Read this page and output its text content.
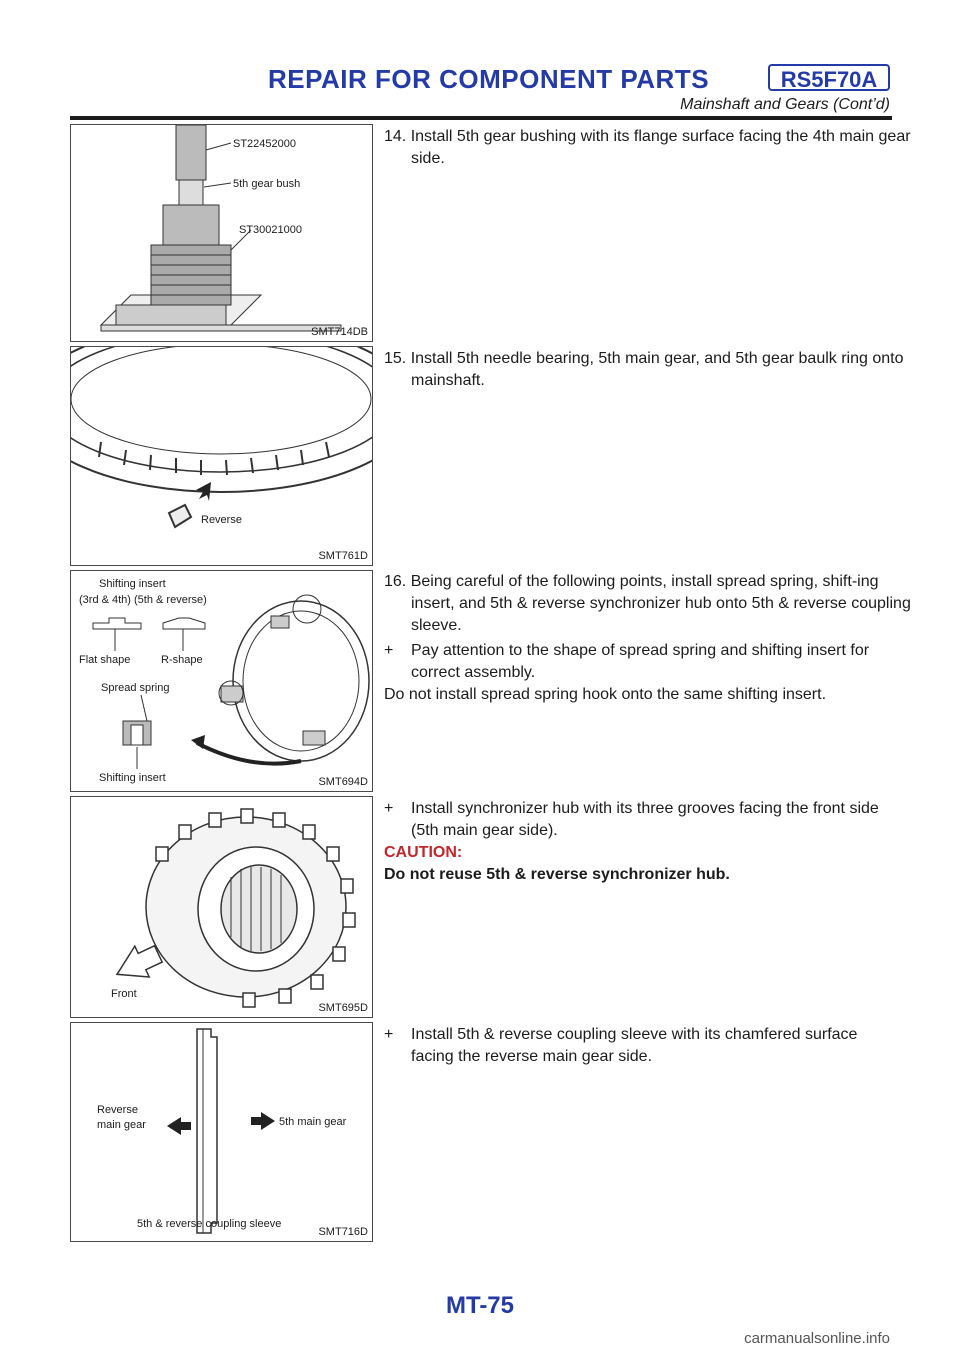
REPAIR FOR COMPONENT PARTS	RS5F70A
Mainshaft and Gears (Cont’d)
ST22452000
5th gear bush
ST30021000
SMT714DB
Reverse
SMT761D
Shifting insert
(3rd & 4th) (5th & reverse)
Flat shape	R-shape
Spread spring
Shifting insert	SMT694D
Front
SMT695D
Reverse
main gear	5th main gear
5th & reverse coupling sleeve
SMT716D
14. Install 5th gear bushing with its flange surface facing the 4th main gear side.
15. Install 5th needle bearing, 5th main gear, and 5th gear baulk ring onto mainshaft.
16. Being careful of the following points, install spread spring, shift-ing insert, and 5th & reverse synchronizer hub onto 5th & reverse coupling sleeve.
+ Pay attention to the shape of spread spring and shifting insert for correct assembly.
Do not install spread spring hook onto the same shifting insert.
+ Install synchronizer hub with its three grooves facing the front side (5th main gear side).
CAUTION:
Do not reuse 5th & reverse synchronizer hub.
+ Install 5th & reverse coupling sleeve with its chamfered surface facing the reverse main gear side.
MT-75
carmanualsonline.info
